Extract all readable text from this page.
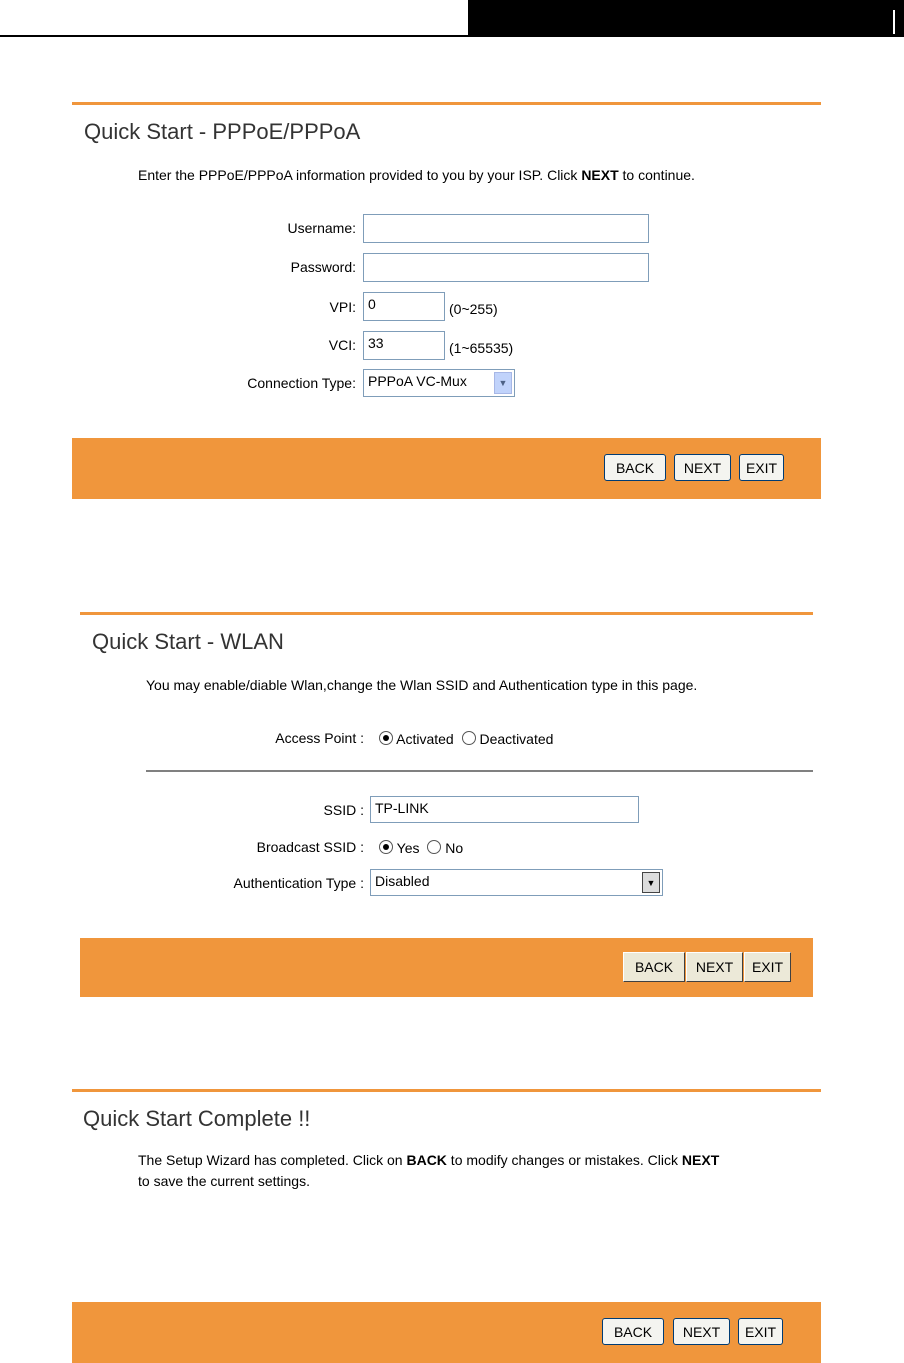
Quick Start - PPPoE/PPPoA
Enter the PPPoE/PPPoA information provided to you by your ISP. Click NEXT to continue.
Username:
Password:
VPI: 0	(0~255)
VCI: 33	(1~65535)
Connection Type: PPPoA VC-Mux	▼
BACK	NEXT	EXIT
Quick Start - WLAN
You may enable/diable Wlan,change the Wlan SSID and Authentication type in this page.
Access Point :	Activated Deactivated
SSID : TP-LINK
Broadcast SSID :	Yes No
Authentication Type : Disabled	▼
BACK	NEXT	EXIT
Quick Start Complete !!
The Setup Wizard has completed. Click on BACK to modify changes or mistakes. Click NEXT
to save the current settings.
BACK	NEXT	EXIT
